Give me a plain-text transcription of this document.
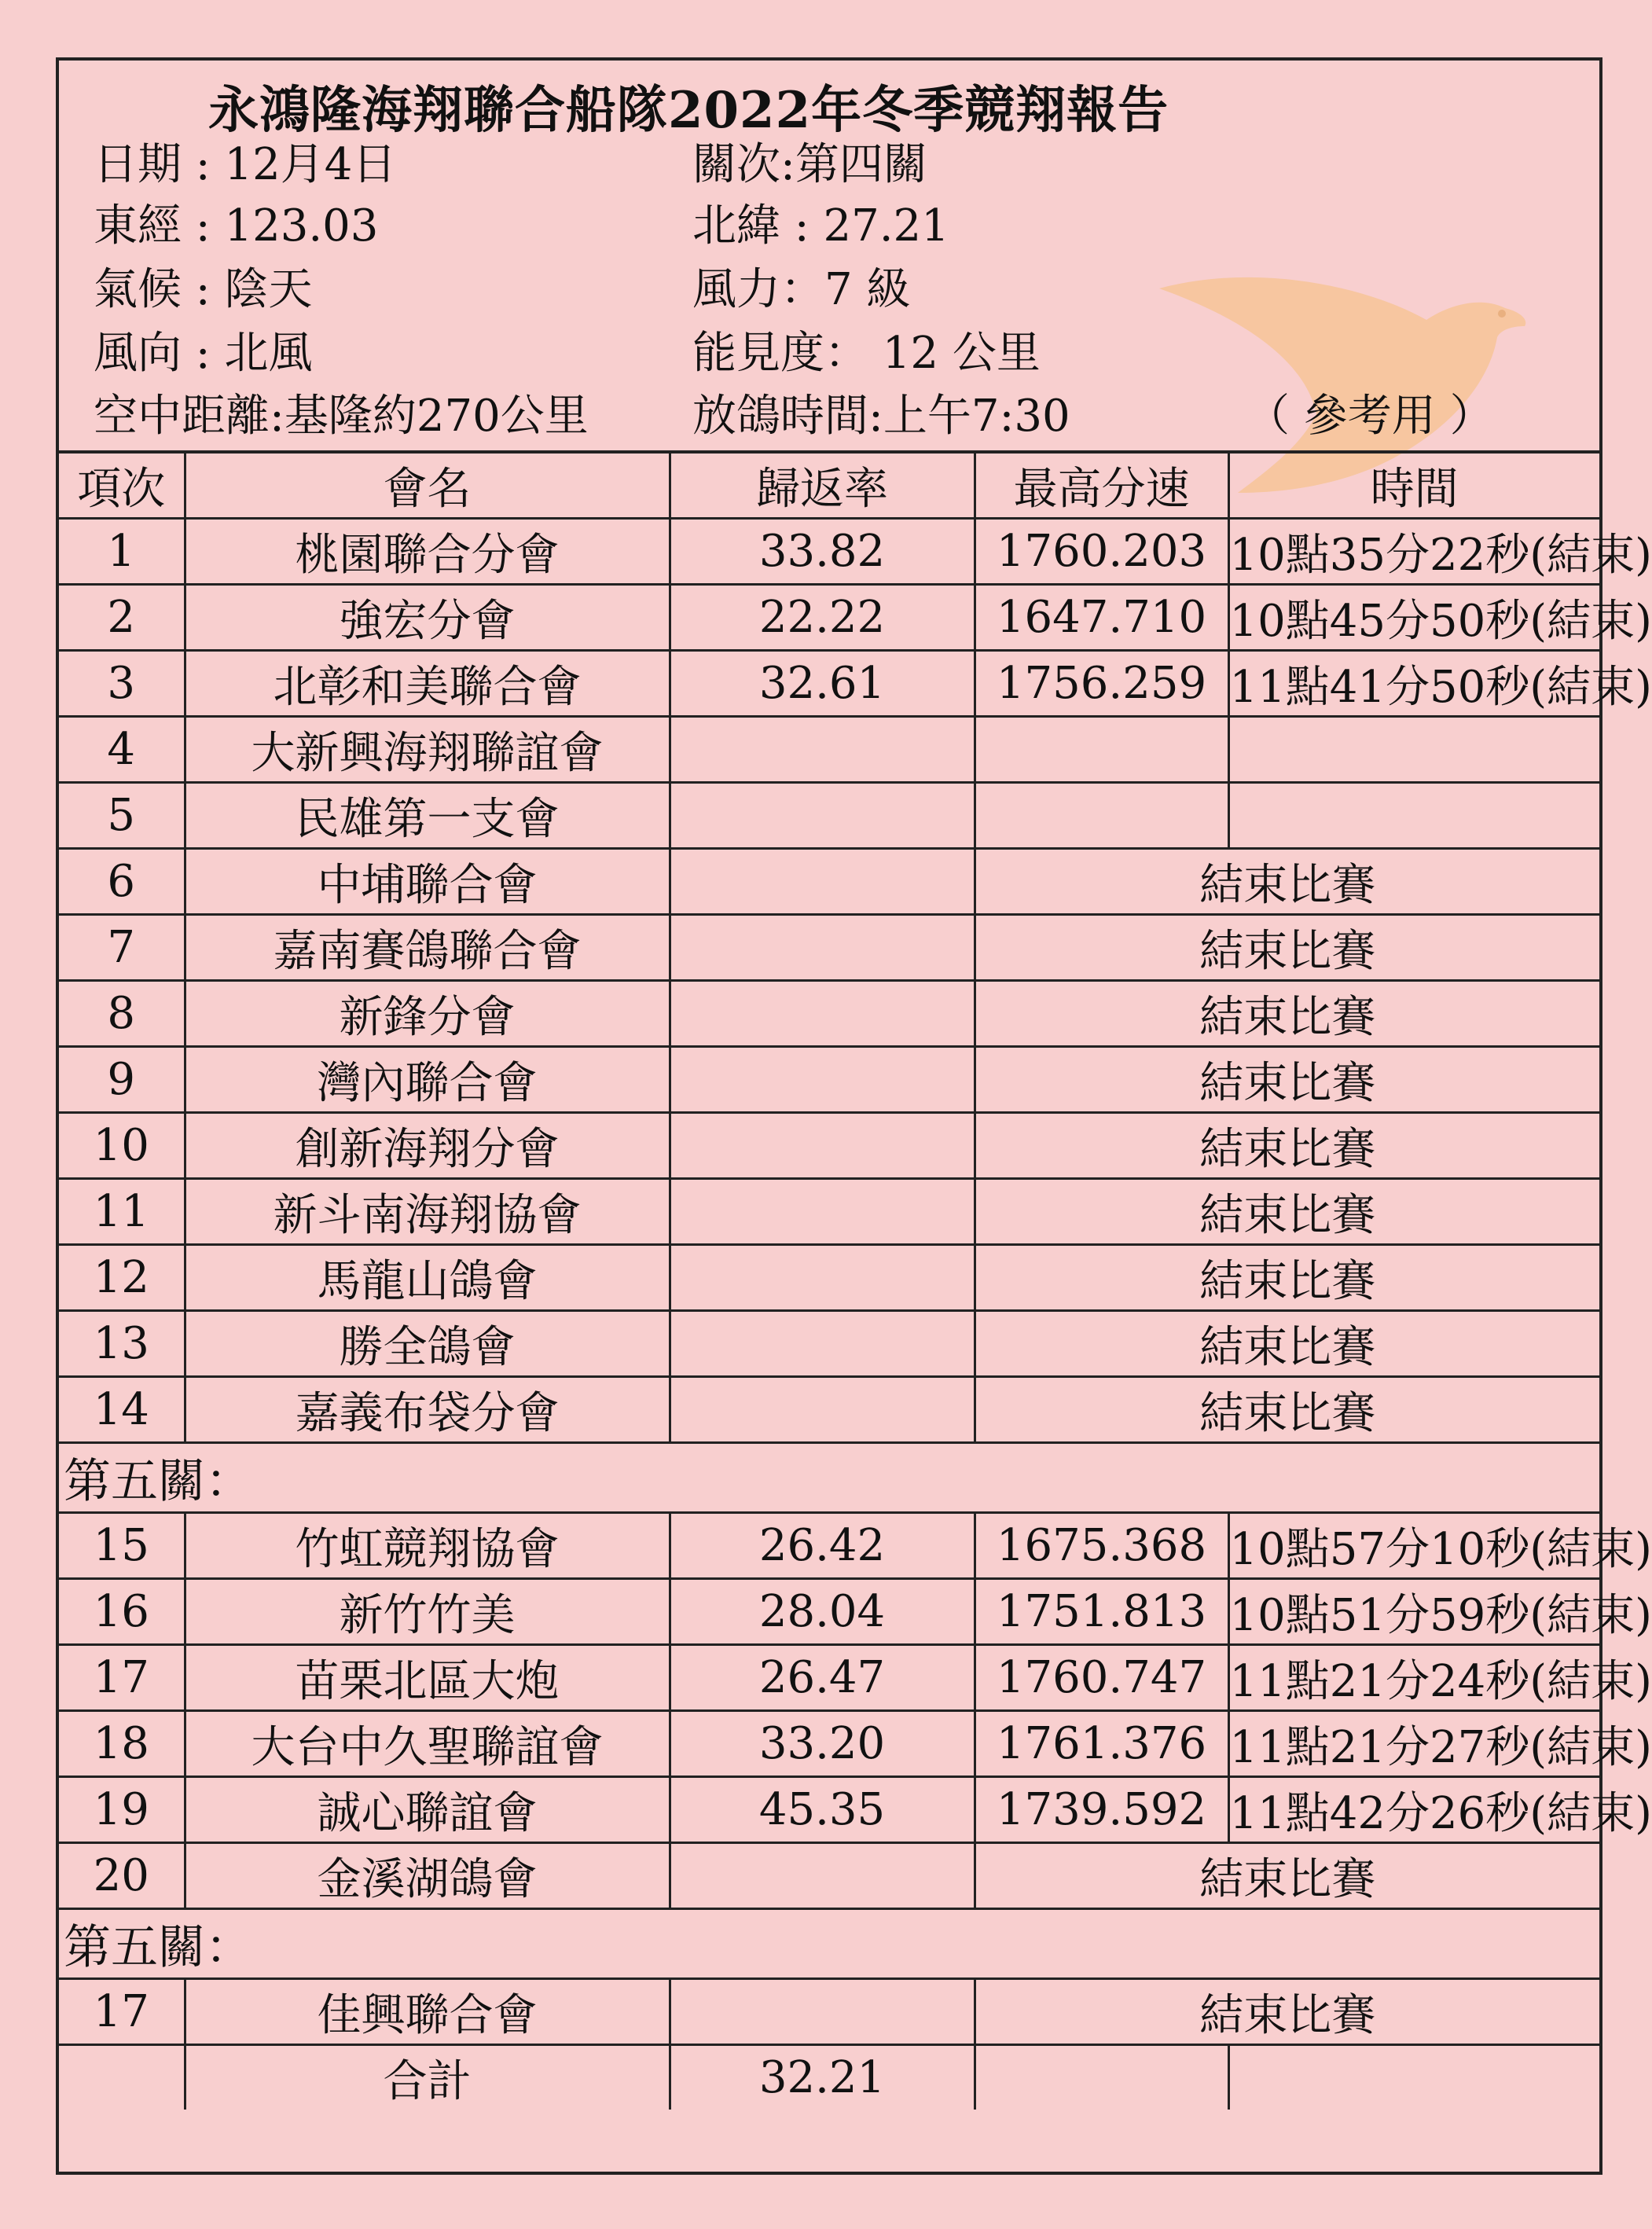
永鴻隆海翔聯合船隊2022年冬季競翔報告
日期 : 12月4日	關次:第四關
東經 : 123.03	北緯 : 27.21
氣候 : 陰天	風力：7 級
風向 : 北風	能見度： 12 公里
空中距離:基隆約270公里 放鴿時間:上午7:30	（ 參考用 ）
項次	會名	歸返率	最高分速	時間
1	桃園聯合分會	33.82	1760.203	10點35分22秒(結束)
2	強宏分會	22.22	1647.710	10點45分50秒(結束)
3	北彰和美聯合會	32.61	1756.259	11點41分50秒(結束)
4	大新興海翔聯誼會			
5	民雄第一支會			
6	中埔聯合會		結束比賽	
7	嘉南賽鴿聯合會		結束比賽	
8	新鋒分會		結束比賽	
9	灣內聯合會		結束比賽	
10	創新海翔分會		結束比賽	
11	新斗南海翔協會		結束比賽	
12	馬龍山鴿會		結束比賽	
13	勝全鴿會		結束比賽	
14	嘉義布袋分會		結束比賽	
第五關：				
15	竹虹競翔協會	26.42	1675.368	10點57分10秒(結束)
16	新竹竹美	28.04	1751.813	10點51分59秒(結束)
17	苗栗北區大炮	26.47	1760.747	11點21分24秒(結束)
18	大台中久聖聯誼會	33.20	1761.376	11點21分27秒(結束)
19	誠心聯誼會	45.35	1739.592	11點42分26秒(結束)
20	金溪湖鴿會		結束比賽	
第五關：				
17	佳興聯合會		結束比賽	
	合計	32.21		
